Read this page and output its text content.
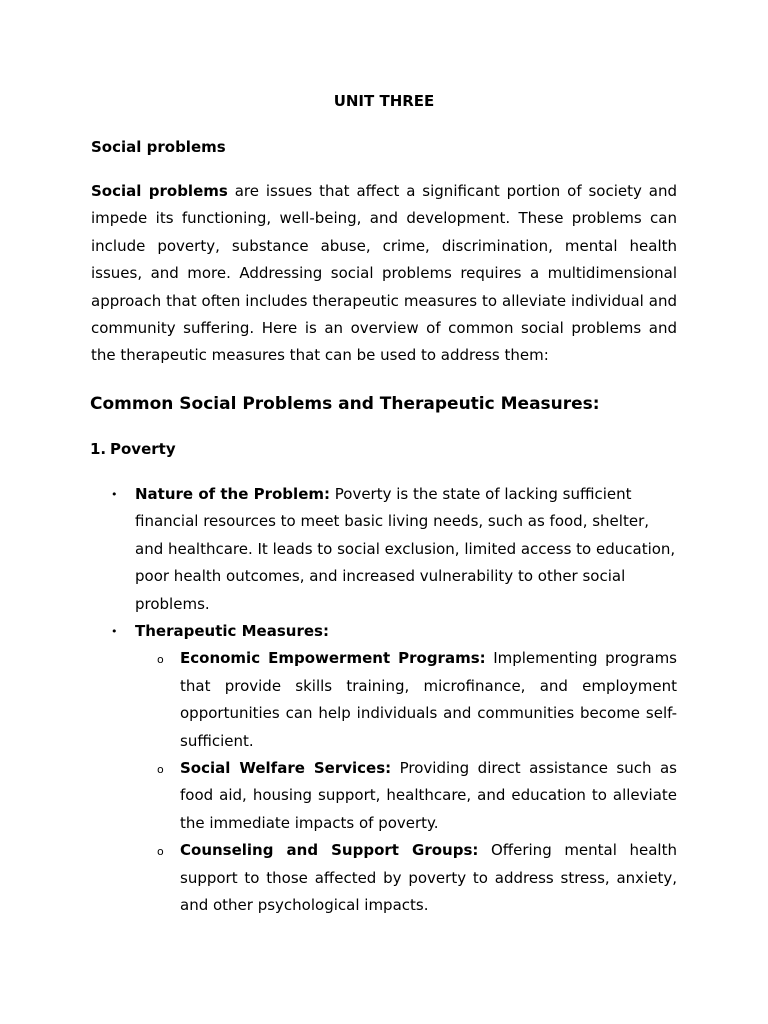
UNIT THREE
Social problems

Social problems are issues that affect a significant portion of society and impede its functioning, well-being, and development. These problems can include poverty, substance abuse, crime, discrimination, mental health issues, and more. Addressing social problems requires a multidimensional approach that often includes therapeutic measures to alleviate individual and community suffering. Here is an overview of common social problems and the therapeutic measures that can be used to address them:

Common Social Problems and Therapeutic Measures:
1. Poverty
• Nature of the Problem: Poverty is the state of lacking sufficient financial resources to meet basic living needs, such as food, shelter, and healthcare. It leads to social exclusion, limited access to education, poor health outcomes, and increased vulnerability to other social problems.
• Therapeutic Measures:
o Economic Empowerment Programs: Implementing programs that provide skills training, microfinance, and employment opportunities can help individuals and communities become self-sufficient.
o Social Welfare Services: Providing direct assistance such as food aid, housing support, healthcare, and education to alleviate the immediate impacts of poverty.
o Counseling and Support Groups: Offering mental health support to those affected by poverty to address stress, anxiety, and other psychological impacts.
